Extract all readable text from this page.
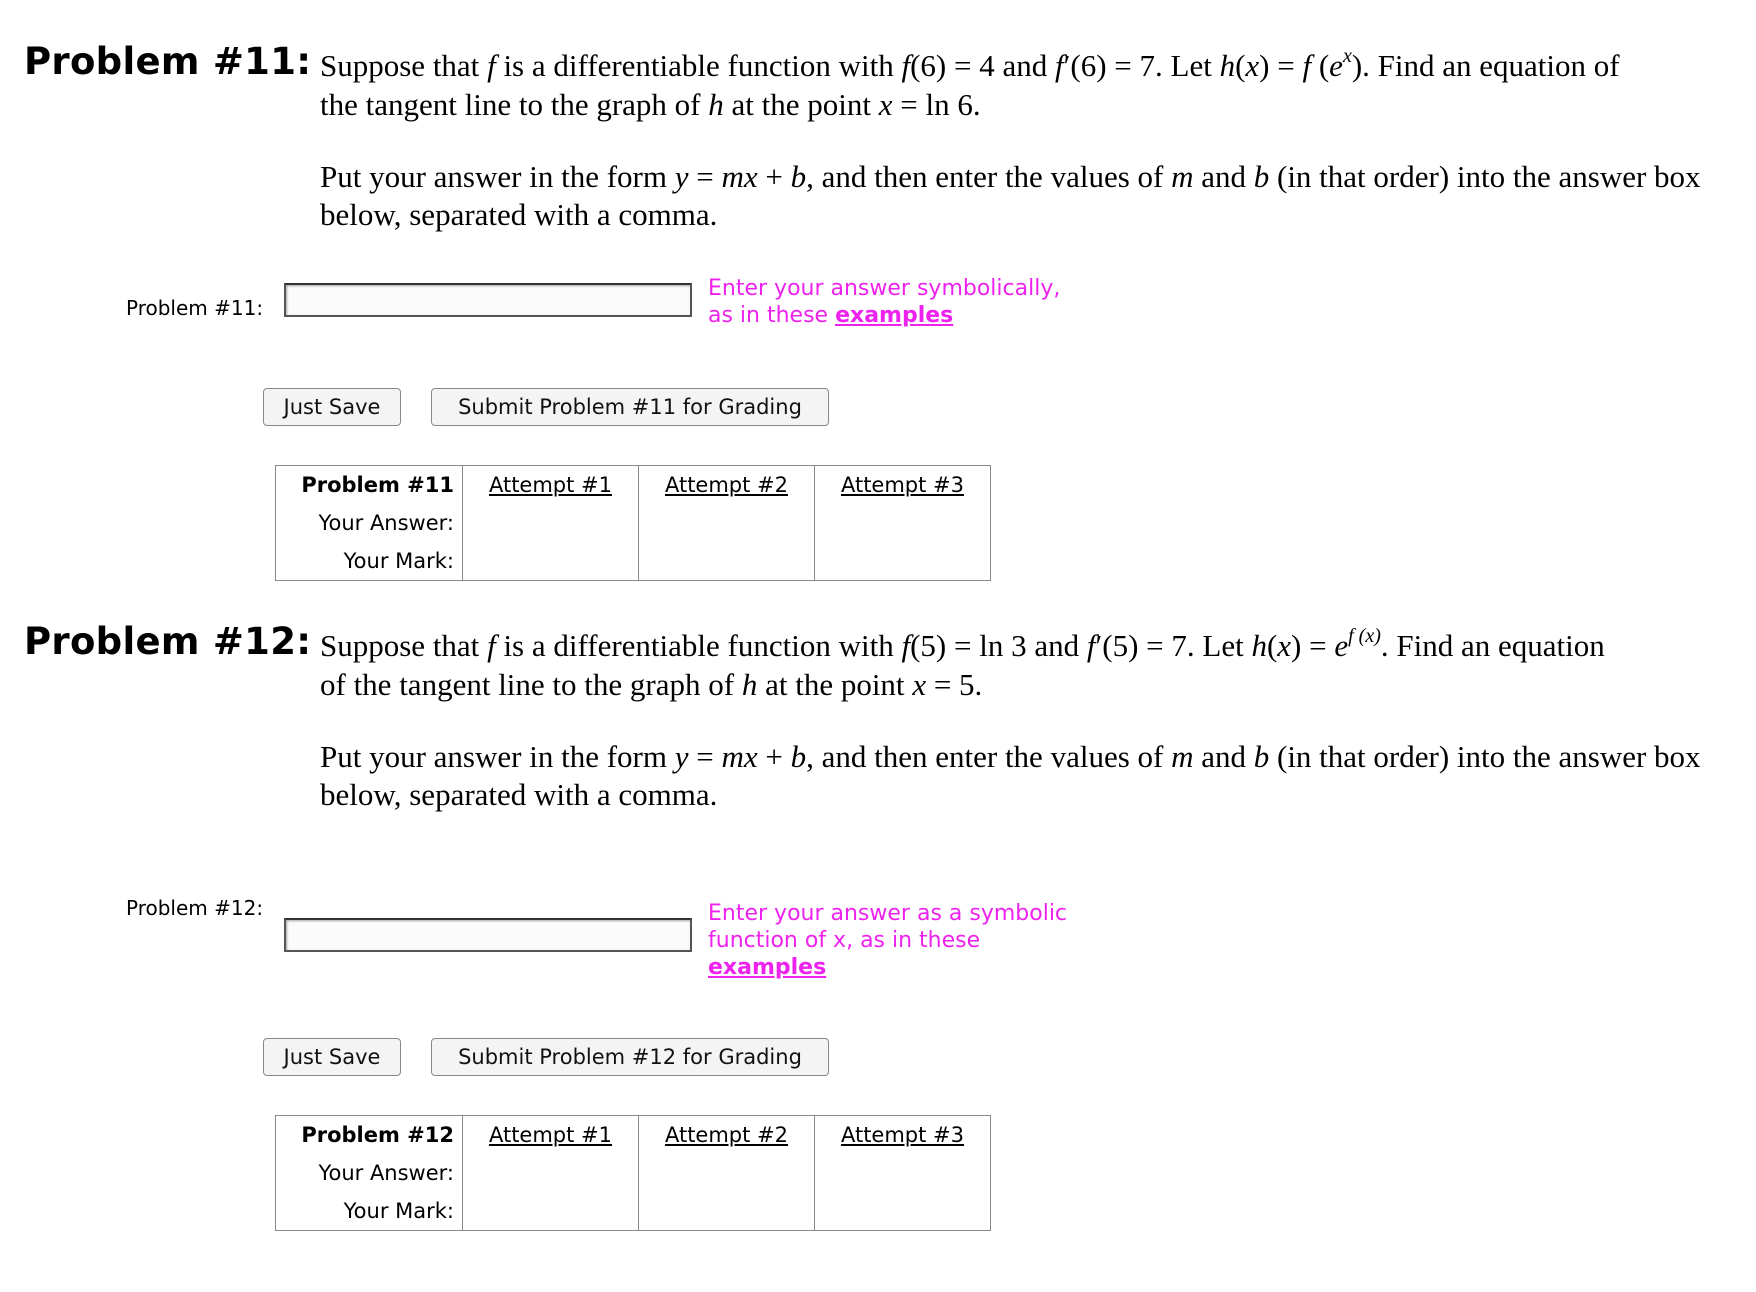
Problem #11: Suppose that f is a differentiable function with f(6) = 4 and f′(6) = 7. Let h(x) = f $(e^x)$. Find an equation of
the tangent line to the graph of h at the point x = ln 6.
Put your answer in the form y = mx + b, and then enter the values of m and b (in that order) into the answer box
below, separated with a comma.
Problem #11:
Enter your answer symbolically,
as in these examples
Just Save	Submit Problem #11 for Grading
Problem #11	Attempt #1	Attempt #2	Attempt #3
Your Answer:			
Your Mark:			
Problem #12: Suppose that f is a differentiable function with f(5) = ln 3 and f′(5) = 7. Let $h(x) = e^{f (x)}$. Find an equation
of the tangent line to the graph of h at the point x = 5.
Put your answer in the form y = mx + b, and then enter the values of m and b (in that order) into the answer box
below, separated with a comma.
Problem #12:	Enter your answer as a symbolic
function of x, as in these
examples
Just Save	Submit Problem #12 for Grading
Problem #12	Attempt #1	Attempt #2	Attempt #3
Your Answer:			
Your Mark:			
